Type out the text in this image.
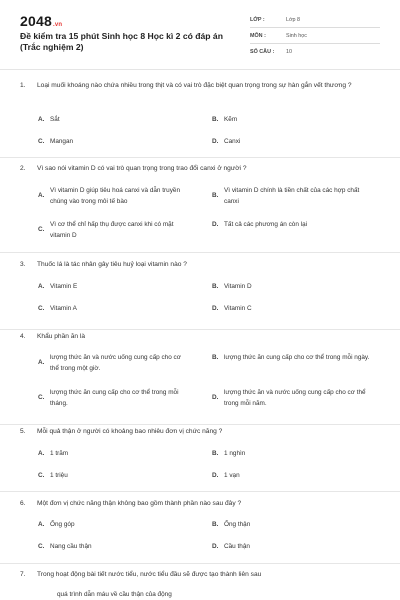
2048.vn
Đề kiểm tra 15 phút Sinh học 8 Học kì 2 có đáp án (Trắc nghiệm 2)
LỚP :	Lớp 8
MÔN :	Sinh học
SỐ CÂU :	10
1.	Loại muối khoáng nào chứa nhiều trong thịt và có vai trò đặc biệt quan trọng trong sự hàn gắn vết thương ?
A. Sắt	B. Kẽm
C. Mangan	D. Canxi
2.	Vì sao nói vitamin D có vai trò quan trọng trong trao đổi canxi ở người ?
A.
Vì vitamin D giúp tiêu hoá canxi và dẫn truyền chúng vào trong môi tế bào
B.
Vì vitamin D chính là tiền chất của các hợp chất canxi
C.
Vì cơ thể chỉ hấp thụ được canxi khi có mặt vitamin D
D. Tất cả các phương án còn lại
3.	Thuốc lá là tác nhân gây tiêu huỷ loại vitamin nào ?
A. Vitamin E	B. Vitamin D
C. Vitamin A	D. Vitamin C
4.	Khẩu phần ăn là
A.
lượng thức ăn và nước uống cung cấp cho cơ thể trong một giờ.
B. lượng thức ăn cung cấp cho cơ thể trong mỗi ngày.
C.
lượng thức ăn cung cấp cho cơ thể trong mỗi tháng.
D.
lượng thức ăn và nước uống cung cấp cho cơ thể trong mỗi năm.
5.	Mỗi quả thận ở người có khoảng bao nhiêu đơn vị chức năng ?
A. 1 trăm	B. 1 nghìn
C. 1 triệu	D. 1 vạn
6.	Một đơn vị chức năng thận không bao gồm thành phần nào sau đây ?
A. Ống góp	B. Ống thận
C. Nang cầu thận	D. Cầu thận
7.	Trong hoạt động bài tiết nước tiểu, nước tiểu đầu sẽ được tạo thành liên sau
quá trình dẫn máu về cầu thận của động
